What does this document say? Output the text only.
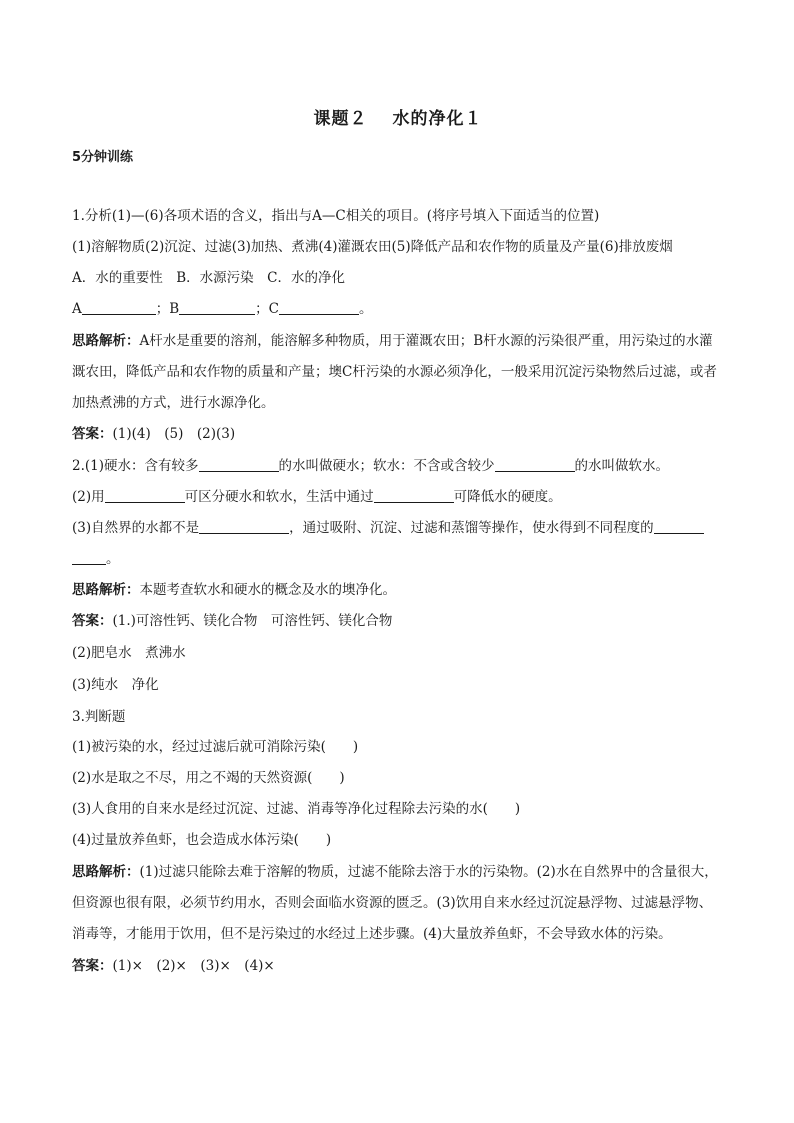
课题２　 水的净化１
5分钟训练
1.分析(1)—(6)各项术语的含义，指出与A—C相关的项目。(将序号填入下面适当的位置)
(1)溶解物质(2)沉淀、过滤(3)加热、煮沸(4)灌溉农田(5)降低产品和农作物的质量及产量(6)排放废烟
A．水的重要性　B．水源污染　C．水的净化
A	；B	；C	。
思路解析：A杆水是重要的溶剂，能溶解多种物质，用于灌溉农田；B杆水源的污染很严重，用污染过的水灌溉农田，降低产品和农作物的质量和产量；墺C杆污染的水源必须净化，一般采用沉淀污染物然后过滤，或者加热煮沸的方式，进行水源净化。
答案：(1)(4)　(5)　(2)(3)
2.(1)硬水：含有较多	的水叫做硬水；软水：不含或含较少	的水叫做软水。
(2)用	可区分硬水和软水，生活中通过	可降低水的硬度。
(3)自然界的水都不是	，通过吸附、沉淀、过滤和蒸馏等操作，使水得到不同程度的
。
思路解析：本题考查软水和硬水的概念及水的墺净化。
答案：(1.)可溶性钙、镁化合物　可溶性钙、镁化合物
(2)肥皂水　煮沸水
(3)纯水　净化
3.判断题
(1)被污染的水，经过过滤后就可消除污染(　　)
(2)水是取之不尽，用之不竭的天然资源(　　)
(3)人食用的自来水是经过沉淀、过滤、消毒等净化过程除去污染的水(　　)
(4)过量放养鱼虾，也会造成水体污染(　　)
思路解析：(1)过滤只能除去难于溶解的物质，过滤不能除去溶于水的污染物。(2)水在自然界中的含量很大，但资源也很有限，必须节约用水，否则会面临水资源的匮乏。(3)饮用自来水经过沉淀悬浮物、过滤悬浮物、消毒等，才能用于饮用，但不是污染过的水经过上述步骤。(4)大量放养鱼虾，不会导致水体的污染。
答案：(1)×　(2)×　(3)×　(4)×
